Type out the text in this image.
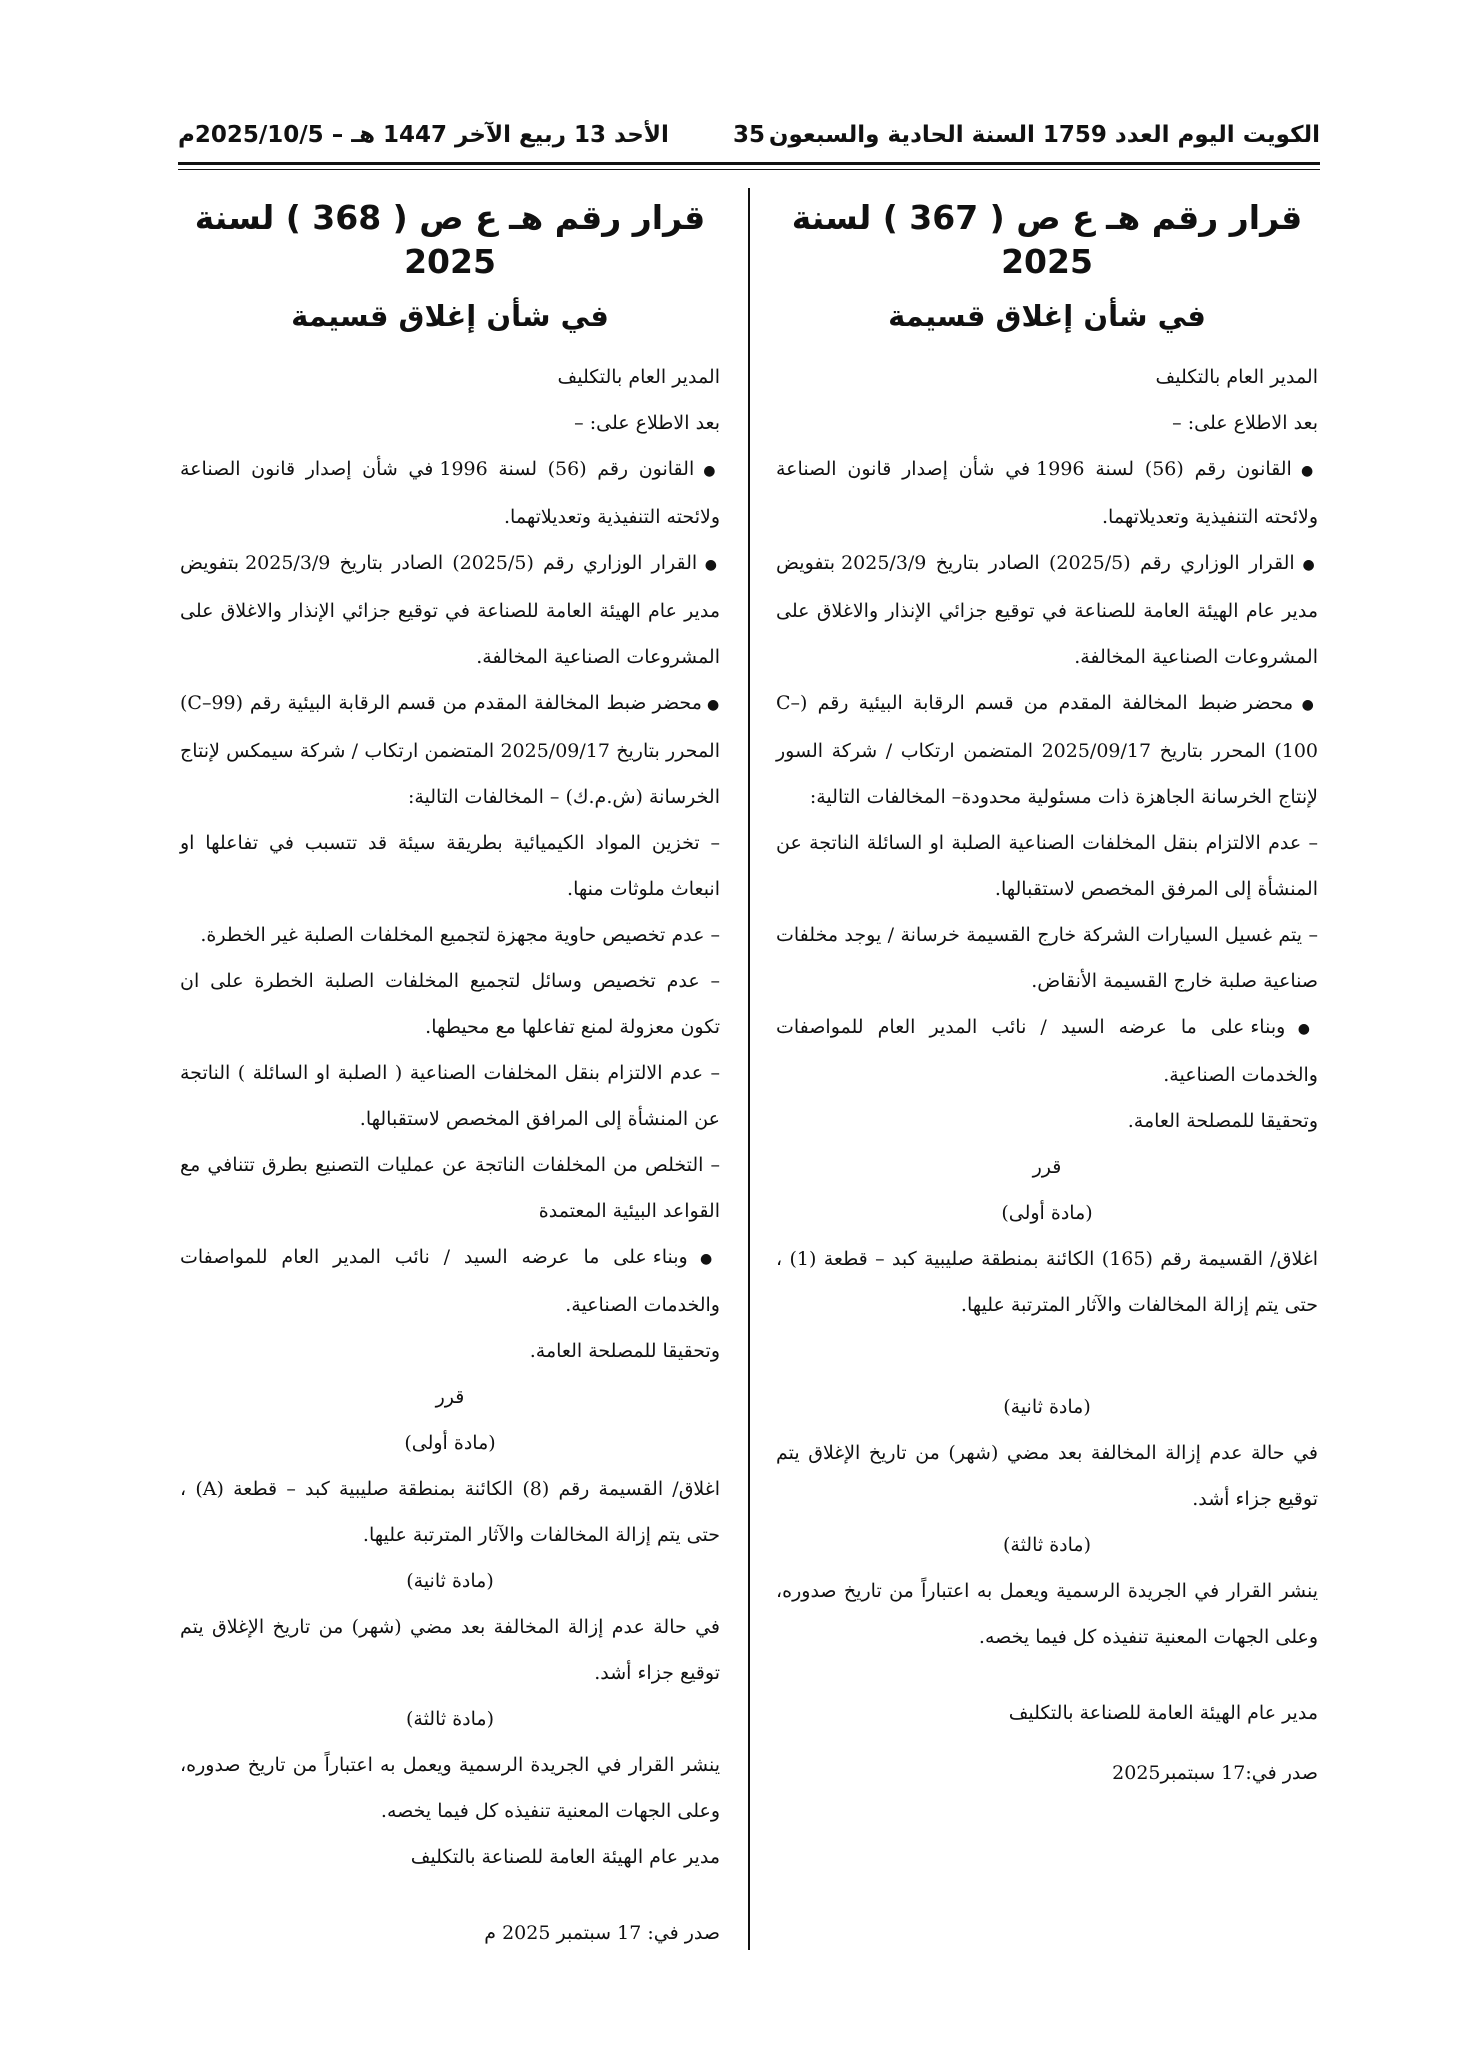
الكويت اليوم العدد 1759 السنة الحادية والسبعون
35
الأحد 13 ربيع الآخر 1447 هـ – 2025/10/5م
قرار رقم هـ ع ص ( 367 ) لسنة 2025
في شأن إغلاق قسيمة

المدير العام بالتكليف

بعد الاطلاع على: –

● القانون رقم (56) لسنة 1996 في شأن إصدار قانون الصناعة ولائحته التنفيذية وتعديلاتهما.

● القرار الوزاري رقم (2025/5) الصادر بتاريخ 2025/3/9 بتفويض مدير عام الهيئة العامة للصناعة في توقيع جزائي الإنذار والاغلاق على المشروعات الصناعية المخالفة.

● محضر ضبط المخالفة المقدم من قسم الرقابة البيئية رقم (C–100) المحرر بتاريخ 2025/09/17 المتضمن ارتكاب / شركة السور لإنتاج الخرسانة الجاهزة ذات مسئولية محدودة– المخالفات التالية:

– عدم الالتزام بنقل المخلفات الصناعية الصلبة او السائلة الناتجة عن المنشأة إلى المرفق المخصص لاستقبالها.

– يتم غسيل السيارات الشركة خارج القسيمة خرسانة / يوجد مخلفات صناعية صلبة خارج القسيمة الأنقاض.

● وبناء على ما عرضه السيد / نائب المدير العام للمواصفات والخدمات الصناعية.

وتحقيقا للمصلحة العامة.

قرر

(مادة أولى)

اغلاق/ القسيمة رقم (165) الكائنة بمنطقة صليبية كبد – قطعة (1) ، حتى يتم إزالة المخالفات والآثار المترتبة عليها.

(مادة ثانية)

في حالة عدم إزالة المخالفة بعد مضي (شهر) من تاريخ الإغلاق يتم توقيع جزاء أشد.

(مادة ثالثة)

ينشر القرار في الجريدة الرسمية ويعمل به اعتباراً من تاريخ صدوره، وعلى الجهات المعنية تنفيذه كل فيما يخصه.

مدير عام الهيئة العامة للصناعة بالتكليف

صدر في:17 سبتمبر2025

قرار رقم هـ ع ص ( 368 ) لسنة 2025
في شأن إغلاق قسيمة

المدير العام بالتكليف

بعد الاطلاع على: –

● القانون رقم (56) لسنة 1996 في شأن إصدار قانون الصناعة ولائحته التنفيذية وتعديلاتهما.

● القرار الوزاري رقم (2025/5) الصادر بتاريخ 2025/3/9 بتفويض مدير عام الهيئة العامة للصناعة في توقيع جزائي الإنذار والاغلاق على المشروعات الصناعية المخالفة.

● محضر ضبط المخالفة المقدم من قسم الرقابة البيئية رقم (C–99) المحرر بتاريخ 2025/09/17 المتضمن ارتكاب / شركة سيمكس لإنتاج الخرسانة (ش.م.ك) – المخالفات التالية:

– تخزين المواد الكيميائية بطريقة سيئة قد تتسبب في تفاعلها او انبعاث ملوثات منها.

– عدم تخصيص حاوية مجهزة لتجميع المخلفات الصلبة غير الخطرة.

– عدم تخصيص وسائل لتجميع المخلفات الصلبة الخطرة على ان تكون معزولة لمنع تفاعلها مع محيطها.

– عدم الالتزام بنقل المخلفات الصناعية ( الصلبة او السائلة ) الناتجة عن المنشأة إلى المرافق المخصص لاستقبالها.

– التخلص من المخلفات الناتجة عن عمليات التصنيع بطرق تتنافي مع القواعد البيئية المعتمدة

● وبناء على ما عرضه السيد / نائب المدير العام للمواصفات والخدمات الصناعية.

وتحقيقا للمصلحة العامة.

قرر

(مادة أولى)

اغلاق/ القسيمة رقم (8) الكائنة بمنطقة صليبية كبد – قطعة (A) ، حتى يتم إزالة المخالفات والآثار المترتبة عليها.

(مادة ثانية)

في حالة عدم إزالة المخالفة بعد مضي (شهر) من تاريخ الإغلاق يتم توقيع جزاء أشد.

(مادة ثالثة)

ينشر القرار في الجريدة الرسمية ويعمل به اعتباراً من تاريخ صدوره، وعلى الجهات المعنية تنفيذه كل فيما يخصه.

مدير عام الهيئة العامة للصناعة بالتكليف

صدر في: 17 سبتمبر 2025 م
